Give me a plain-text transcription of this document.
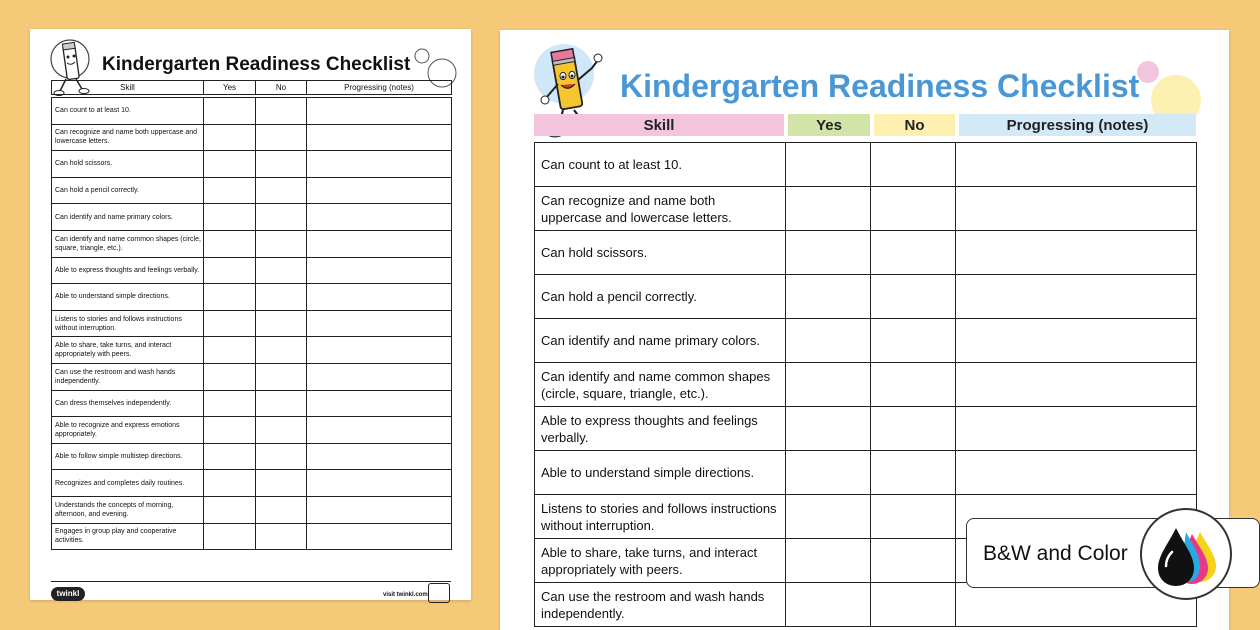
Kindergarten Readiness Checklist
Skill	Yes	No	Progressing (notes)

Can count to at least 10.			
Can recognize and name both uppercase and lowercase letters.			
Can hold scissors.			
Can hold a pencil correctly.			
Can identify and name primary colors.			
Can identify and name common shapes (circle, square, triangle, etc.).			
Able to express thoughts and feelings verbally.			
Able to understand simple directions.			
Listens to stories and follows instructions without interruption.			
Able to share, take turns, and interact appropriately with peers.			
Can use the restroom and wash hands independently.			
Can dress themselves independently.			
Able to recognize and express emotions appropriately.			
Able to follow simple multistep directions.			
Recognizes and completes daily routines.			
Understands the concepts of morning, afternoon, and evening.			
Engages in group play and cooperative activities.			
twinkl	visit twinkl.com
Kindergarten Readiness Checklist
Skill	Yes	No	Progressing (notes)
Can count to at least 10.			
Can recognize and name both uppercase and lowercase letters.			
Can hold scissors.			
Can hold a pencil correctly.			
Can identify and name primary colors.			
Can identify and name common shapes (circle, square, triangle, etc.).			
Able to express thoughts and feelings verbally.			
Able to understand simple directions.			
Listens to stories and follows instructions without interruption.			
Able to share, take turns, and interact appropriately with peers.			
Can use the restroom and wash hands independently.			
B&W and Color
